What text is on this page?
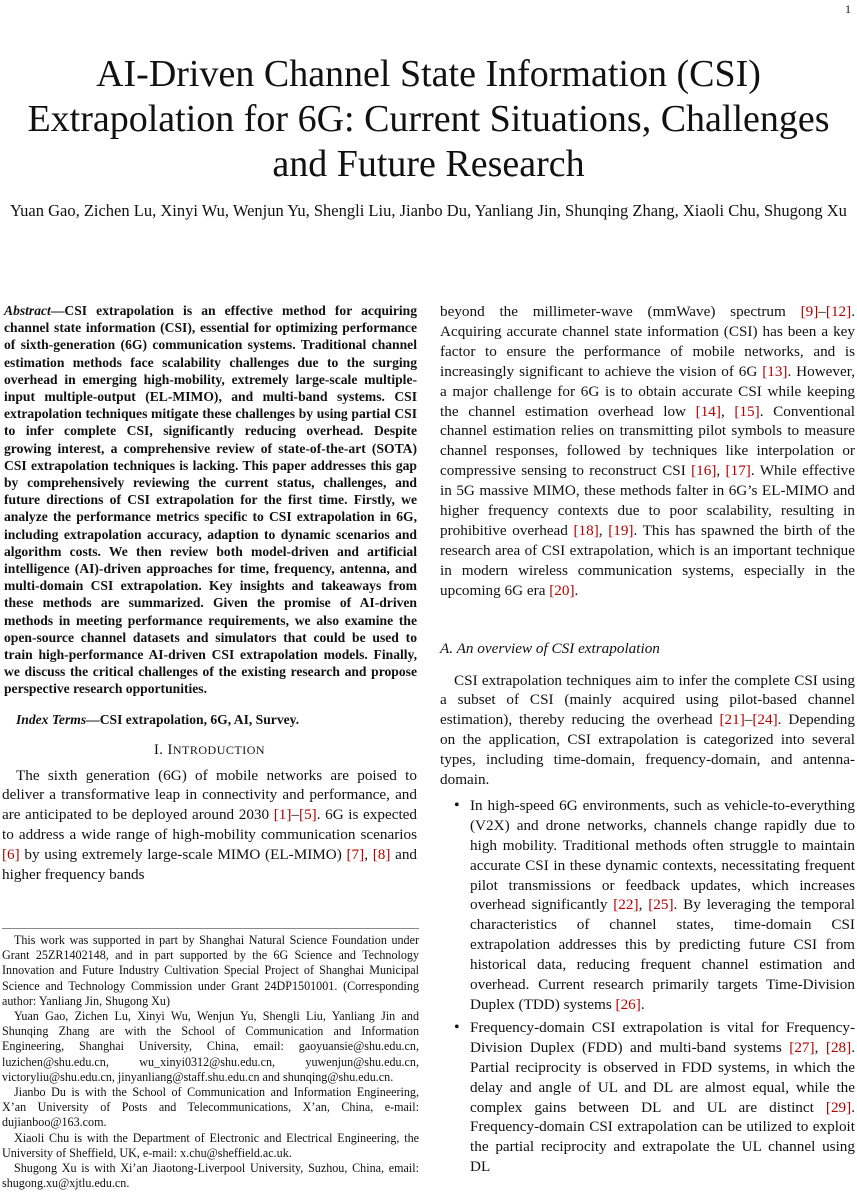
1
AI-Driven Channel State Information (CSI) Extrapolation for 6G: Current Situations, Challenges and Future Research
Yuan Gao, Zichen Lu, Xinyi Wu, Wenjun Yu, Shengli Liu, Jianbo Du, Yanliang Jin, Shunqing Zhang, Xiaoli Chu, Shugong Xu

Abstract—CSI extrapolation is an effective method for acquiring channel state information (CSI), essential for optimizing performance of sixth-generation (6G) communication systems. Traditional channel estimation methods face scalability challenges due to the surging overhead in emerging high-mobility, extremely large-scale multiple-input multiple-output (EL-MIMO), and multi-band systems. CSI extrapolation techniques mitigate these challenges by using partial CSI to infer complete CSI, significantly reducing overhead. Despite growing interest, a comprehensive review of state-of-the-art (SOTA) CSI extrapolation techniques is lacking. This paper addresses this gap by comprehensively reviewing the current status, challenges, and future directions of CSI extrapolation for the first time. Firstly, we analyze the performance metrics specific to CSI extrapolation in 6G, including extrapolation accuracy, adaption to dynamic scenarios and algorithm costs. We then review both model-driven and artificial intelligence (AI)-driven approaches for time, frequency, antenna, and multi-domain CSI extrapolation. Key insights and takeaways from these methods are summarized. Given the promise of AI-driven methods in meeting performance requirements, we also examine the open-source channel datasets and simulators that could be used to train high-performance AI-driven CSI extrapolation models. Finally, we discuss the critical challenges of the existing research and propose perspective research opportunities.

Index Terms—CSI extrapolation, 6G, AI, Survey.

I. INTRODUCTION

The sixth generation (6G) of mobile networks are poised to deliver a transformative leap in connectivity and performance, and are anticipated to be deployed around 2030 [1]–[5]. 6G is expected to address a wide range of high-mobility communication scenarios [6] by using extremely large-scale MIMO (EL-MIMO) [7], [8] and higher frequency bands

This work was supported in part by Shanghai Natural Science Foundation under Grant 25ZR1402148, and in part supported by the 6G Science and Technology Innovation and Future Industry Cultivation Special Project of Shanghai Municipal Science and Technology Commission under Grant 24DP1501001. (Corresponding author: Yanliang Jin, Shugong Xu)

Yuan Gao, Zichen Lu, Xinyi Wu, Wenjun Yu, Shengli Liu, Yanliang Jin and Shunqing Zhang are with the School of Communication and Information Engineering, Shanghai University, China, email: gaoyuansie@shu.edu.cn, luzichen@shu.edu.cn, wu_xinyi0312@shu.edu.cn, yuwenjun@shu.edu.cn, victoryliu@shu.edu.cn, jinyanliang@staff.shu.edu.cn and shunqing@shu.edu.cn.

Jianbo Du is with the School of Communication and Information Engineering, X’an University of Posts and Telecommunications, X’an, China, e-mail: dujianboo@163.com.

Xiaoli Chu is with the Department of Electronic and Electrical Engineering, the University of Sheffield, UK, e-mail: x.chu@sheffield.ac.uk.

Shugong Xu is with Xi’an Jiaotong-Liverpool University, Suzhou, China, email: shugong.xu@xjtlu.edu.cn.

beyond the millimeter-wave (mmWave) spectrum [9]–[12]. Acquiring accurate channel state information (CSI) has been a key factor to ensure the performance of mobile networks, and is increasingly significant to achieve the vision of 6G [13]. However, a major challenge for 6G is to obtain accurate CSI while keeping the channel estimation overhead low [14], [15]. Conventional channel estimation relies on transmitting pilot symbols to measure channel responses, followed by techniques like interpolation or compressive sensing to reconstruct CSI [16], [17]. While effective in 5G massive MIMO, these methods falter in 6G’s EL-MIMO and higher frequency contexts due to poor scalability, resulting in prohibitive overhead [18], [19]. This has spawned the birth of the research area of CSI extrapolation, which is an important technique in modern wireless communication systems, especially in the upcoming 6G era [20].

A. An overview of CSI extrapolation

CSI extrapolation techniques aim to infer the complete CSI using a subset of CSI (mainly acquired using pilot-based channel estimation), thereby reducing the overhead [21]–[24]. Depending on the application, CSI extrapolation is categorized into several types, including time-domain, frequency-domain, and antenna-domain.

• In high-speed 6G environments, such as vehicle-to-everything (V2X) and drone networks, channels change rapidly due to high mobility. Traditional methods often struggle to maintain accurate CSI in these dynamic contexts, necessitating frequent pilot transmissions or feedback updates, which increases overhead significantly [22], [25]. By leveraging the temporal characteristics of channel states, time-domain CSI extrapolation addresses this by predicting future CSI from historical data, reducing frequent channel estimation and overhead. Current research primarily targets Time-Division Duplex (TDD) systems [26].
• Frequency-domain CSI extrapolation is vital for Frequency-Division Duplex (FDD) and multi-band systems [27], [28]. Partial reciprocity is observed in FDD systems, in which the delay and angle of UL and DL are almost equal, while the complex gains between DL and UL are distinct [29]. Frequency-domain CSI extrapolation can be utilized to exploit the partial reciprocity and extrapolate the UL channel using DL
